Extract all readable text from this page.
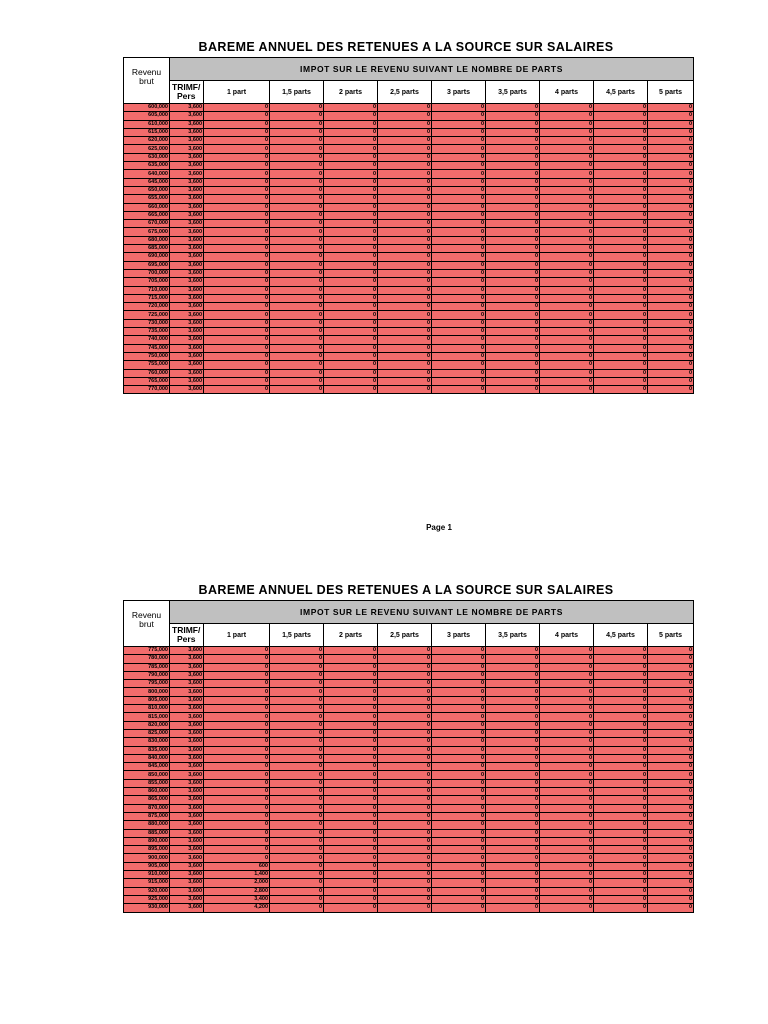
BAREME ANNUEL DES RETENUES A LA SOURCE SUR SALAIRES
Revenu
brut	IMPOT SUR LE REVENU SUIVANT LE NOMBRE DE PARTS									
	TRIMF/
Pers	1 part	1,5 parts	2 parts	2,5 parts	3 parts	3,5 parts	4 parts	4,5 parts	5 parts
600,000	3,600	0	0	0	0	0	0	0	0	0
605,000	3,600	0	0	0	0	0	0	0	0	0
610,000	3,600	0	0	0	0	0	0	0	0	0
615,000	3,600	0	0	0	0	0	0	0	0	0
620,000	3,600	0	0	0	0	0	0	0	0	0
625,000	3,600	0	0	0	0	0	0	0	0	0
630,000	3,600	0	0	0	0	0	0	0	0	0
635,000	3,600	0	0	0	0	0	0	0	0	0
640,000	3,600	0	0	0	0	0	0	0	0	0
645,000	3,600	0	0	0	0	0	0	0	0	0
650,000	3,600	0	0	0	0	0	0	0	0	0
655,000	3,600	0	0	0	0	0	0	0	0	0
660,000	3,600	0	0	0	0	0	0	0	0	0
665,000	3,600	0	0	0	0	0	0	0	0	0
670,000	3,600	0	0	0	0	0	0	0	0	0
675,000	3,600	0	0	0	0	0	0	0	0	0
680,000	3,600	0	0	0	0	0	0	0	0	0
685,000	3,600	0	0	0	0	0	0	0	0	0
690,000	3,600	0	0	0	0	0	0	0	0	0
695,000	3,600	0	0	0	0	0	0	0	0	0
700,000	3,600	0	0	0	0	0	0	0	0	0
705,000	3,600	0	0	0	0	0	0	0	0	0
710,000	3,600	0	0	0	0	0	0	0	0	0
715,000	3,600	0	0	0	0	0	0	0	0	0
720,000	3,600	0	0	0	0	0	0	0	0	0
725,000	3,600	0	0	0	0	0	0	0	0	0
730,000	3,600	0	0	0	0	0	0	0	0	0
735,000	3,600	0	0	0	0	0	0	0	0	0
740,000	3,600	0	0	0	0	0	0	0	0	0
745,000	3,600	0	0	0	0	0	0	0	0	0
750,000	3,600	0	0	0	0	0	0	0	0	0
755,000	3,600	0	0	0	0	0	0	0	0	0
760,000	3,600	0	0	0	0	0	0	0	0	0
765,000	3,600	0	0	0	0	0	0	0	0	0
770,000	3,600	0	0	0	0	0	0	0	0	0
Page 1
BAREME ANNUEL DES RETENUES A LA SOURCE SUR SALAIRES
Revenu
brut	IMPOT SUR LE REVENU SUIVANT LE NOMBRE DE PARTS									
	TRIMF/
Pers	1 part	1,5 parts	2 parts	2,5 parts	3 parts	3,5 parts	4 parts	4,5 parts	5 parts
775,000	3,600	0	0	0	0	0	0	0	0	0
780,000	3,600	0	0	0	0	0	0	0	0	0
785,000	3,600	0	0	0	0	0	0	0	0	0
790,000	3,600	0	0	0	0	0	0	0	0	0
795,000	3,600	0	0	0	0	0	0	0	0	0
800,000	3,600	0	0	0	0	0	0	0	0	0
805,000	3,600	0	0	0	0	0	0	0	0	0
810,000	3,600	0	0	0	0	0	0	0	0	0
815,000	3,600	0	0	0	0	0	0	0	0	0
820,000	3,600	0	0	0	0	0	0	0	0	0
825,000	3,600	0	0	0	0	0	0	0	0	0
830,000	3,600	0	0	0	0	0	0	0	0	0
835,000	3,600	0	0	0	0	0	0	0	0	0
840,000	3,600	0	0	0	0	0	0	0	0	0
845,000	3,600	0	0	0	0	0	0	0	0	0
850,000	3,600	0	0	0	0	0	0	0	0	0
855,000	3,600	0	0	0	0	0	0	0	0	0
860,000	3,600	0	0	0	0	0	0	0	0	0
865,000	3,600	0	0	0	0	0	0	0	0	0
870,000	3,600	0	0	0	0	0	0	0	0	0
875,000	3,600	0	0	0	0	0	0	0	0	0
880,000	3,600	0	0	0	0	0	0	0	0	0
885,000	3,600	0	0	0	0	0	0	0	0	0
890,000	3,600	0	0	0	0	0	0	0	0	0
895,000	3,600	0	0	0	0	0	0	0	0	0
900,000	3,600	0	0	0	0	0	0	0	0	0
905,000	3,600	600	0	0	0	0	0	0	0	0
910,000	3,600	1,400	0	0	0	0	0	0	0	0
915,000	3,600	2,000	0	0	0	0	0	0	0	0
920,000	3,600	2,800	0	0	0	0	0	0	0	0
925,000	3,600	3,400	0	0	0	0	0	0	0	0
930,000	3,600	4,200	0	0	0	0	0	0	0	0
